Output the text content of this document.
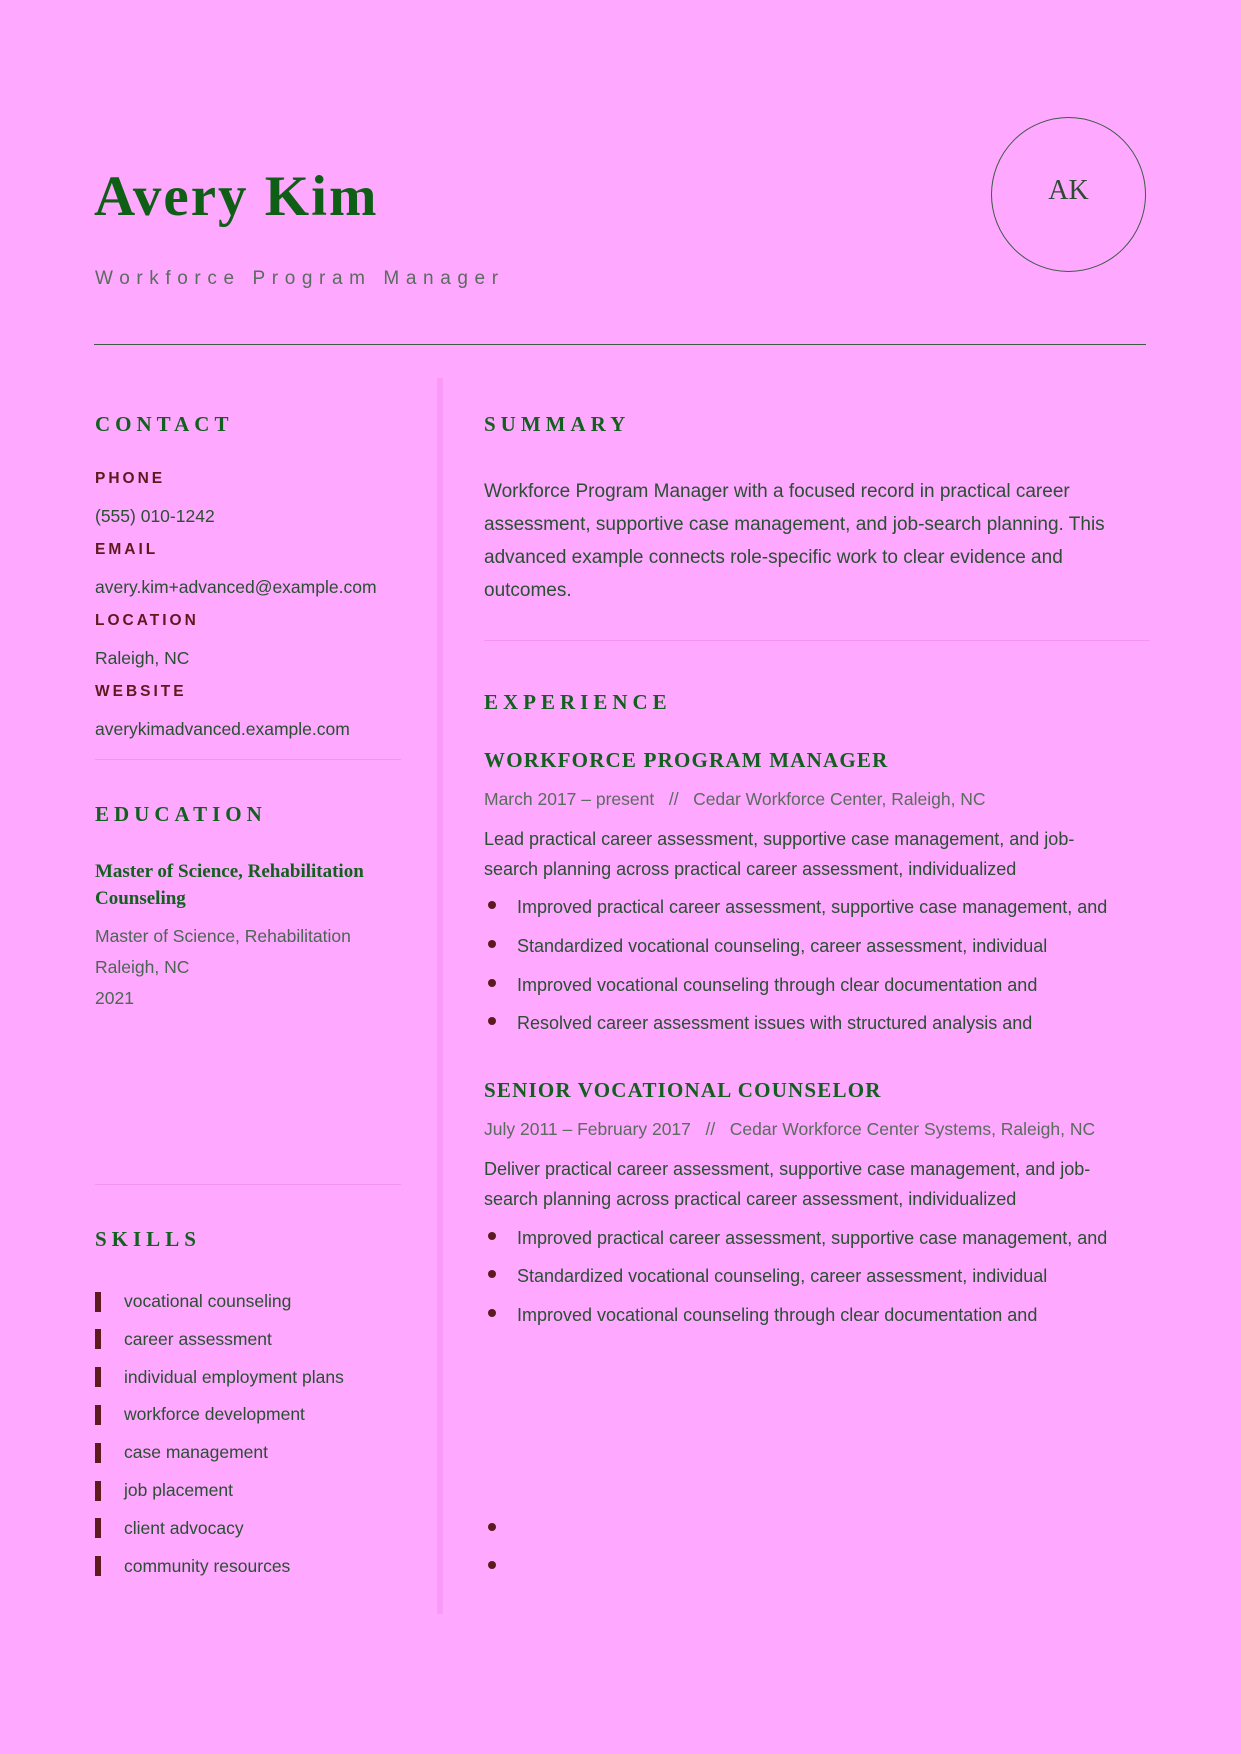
Avery Kim
Workforce Program Manager
AK
CONTACT
PHONE
(555) 010-1242
EMAIL
avery.kim+advanced@example.com
LOCATION
Raleigh, NC
WEBSITE
averykimadvanced.example.com
EDUCATION
Master of Science, Rehabilitation Counseling
Master of Science, Rehabilitation
Raleigh, NC
2021
SKILLS
vocational counseling
career assessment
individual employment plans
workforce development
case management
job placement
client advocacy
community resources
SUMMARY
Workforce Program Manager with a focused record in practical career assessment, supportive case management, and job-search planning. This advanced example connects role-specific work to clear evidence and outcomes.
EXPERIENCE
WORKFORCE PROGRAM MANAGER
March 2017 – present   //   Cedar Workforce Center, Raleigh, NC
Lead practical career assessment, supportive case management, and job-search planning across practical career assessment, individualized
Improved practical career assessment, supportive case management, and
Standardized vocational counseling, career assessment, individual
Improved vocational counseling through clear documentation and
Resolved career assessment issues with structured analysis and
SENIOR VOCATIONAL COUNSELOR
July 2011 – February 2017   //   Cedar Workforce Center Systems, Raleigh, NC
Deliver practical career assessment, supportive case management, and job-search planning across practical career assessment, individualized
Improved practical career assessment, supportive case management, and
Standardized vocational counseling, career assessment, individual
Improved vocational counseling through clear documentation and
